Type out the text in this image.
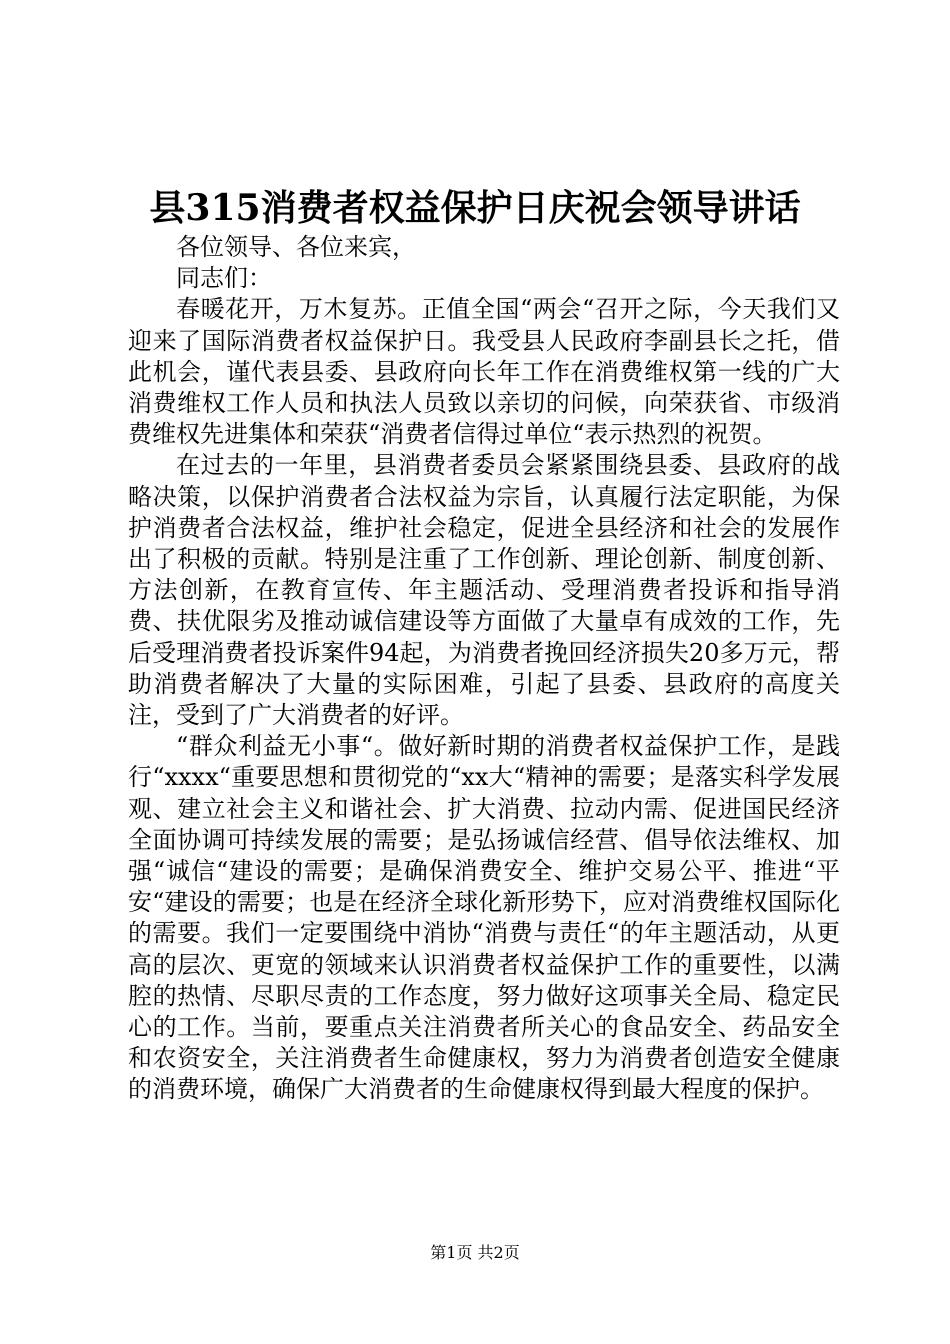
县315消费者权益保护日庆祝会领导讲话

各位领导、各位来宾，

同志们：

春暖花开，万木复苏。正值全国“两会“召开之际，今天我们又迎来了国际消费者权益保护日。我受县人民政府李副县长之托，借此机会，谨代表县委、县政府向长年工作在消费维权第一线的广大消费维权工作人员和执法人员致以亲切的问候，向荣获省、市级消费维权先进集体和荣获“消费者信得过单位“表示热烈的祝贺。

在过去的一年里，县消费者委员会紧紧围绕县委、县政府的战略决策，以保护消费者合法权益为宗旨，认真履行法定职能，为保护消费者合法权益，维护社会稳定，促进全县经济和社会的发展作出了积极的贡献。特别是注重了工作创新、理论创新、制度创新、方法创新，在教育宣传、年主题活动、受理消费者投诉和指导消费、扶优限劣及推动诚信建设等方面做了大量卓有成效的工作，先后受理消费者投诉案件94起，为消费者挽回经济损失20多万元，帮助消费者解决了大量的实际困难，引起了县委、县政府的高度关注，受到了广大消费者的好评。

“群众利益无小事“。做好新时期的消费者权益保护工作，是践行“xxxx“重要思想和贯彻党的“xx大“精神的需要；是落实科学发展观、建立社会主义和谐社会、扩大消费、拉动内需、促进国民经济全面协调可持续发展的需要；是弘扬诚信经营、倡导依法维权、加强“诚信“建设的需要；是确保消费安全、维护交易公平、推进“平安“建设的需要；也是在经济全球化新形势下，应对消费维权国际化的需要。我们一定要围绕中消协“消费与责任“的年主题活动，从更高的层次、更宽的领域来认识消费者权益保护工作的重要性，以满腔的热情、尽职尽责的工作态度，努力做好这项事关全局、稳定民心的工作。当前，要重点关注消费者所关心的食品安全、药品安全和农资安全，关注消费者生命健康权，努力为消费者创造安全健康的消费环境，确保广大消费者的生命健康权得到最大程度的保护。

第1页 共2页
